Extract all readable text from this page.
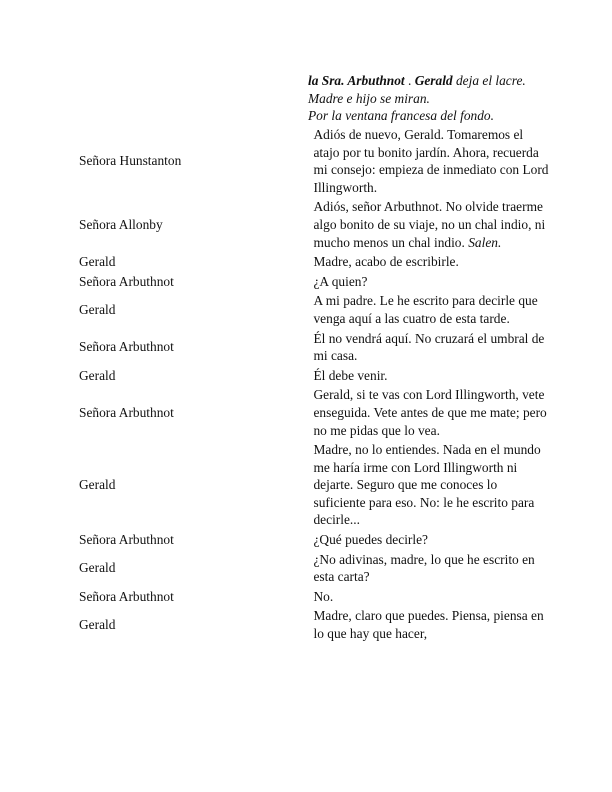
la Sra. Arbuthnot . Gerald deja el lacre. Madre e hijo se miran.
Por la ventana francesa del fondo.
Señora Hunstanton	Adiós de nuevo, Gerald. Tomaremos el atajo por tu bonito jardín. Ahora, recuerda mi consejo: empieza de inmediato con Lord Illingworth.
Señora Allonby	Adiós, señor Arbuthnot. No olvide traerme algo bonito de su viaje, no un chal indio, ni mucho menos un chal indio. Salen.
Gerald	Madre, acabo de escribirle.
Señora Arbuthnot	¿A quien?
Gerald	A mi padre. Le he escrito para decirle que venga aquí a las cuatro de esta tarde.
Señora Arbuthnot	Él no vendrá aquí. No cruzará el umbral de mi casa.
Gerald	Él debe venir.
Señora Arbuthnot	Gerald, si te vas con Lord Illingworth, vete enseguida. Vete antes de que me mate; pero no me pidas que lo vea.
Gerald	Madre, no lo entiendes. Nada en el mundo me haría irme con Lord Illingworth ni dejarte. Seguro que me conoces lo suficiente para eso. No: le he escrito para decirle...
Señora Arbuthnot	¿Qué puedes decirle?
Gerald	¿No adivinas, madre, lo que he escrito en esta carta?
Señora Arbuthnot	No.
Gerald	Madre, claro que puedes. Piensa, piensa en lo que hay que hacer,
